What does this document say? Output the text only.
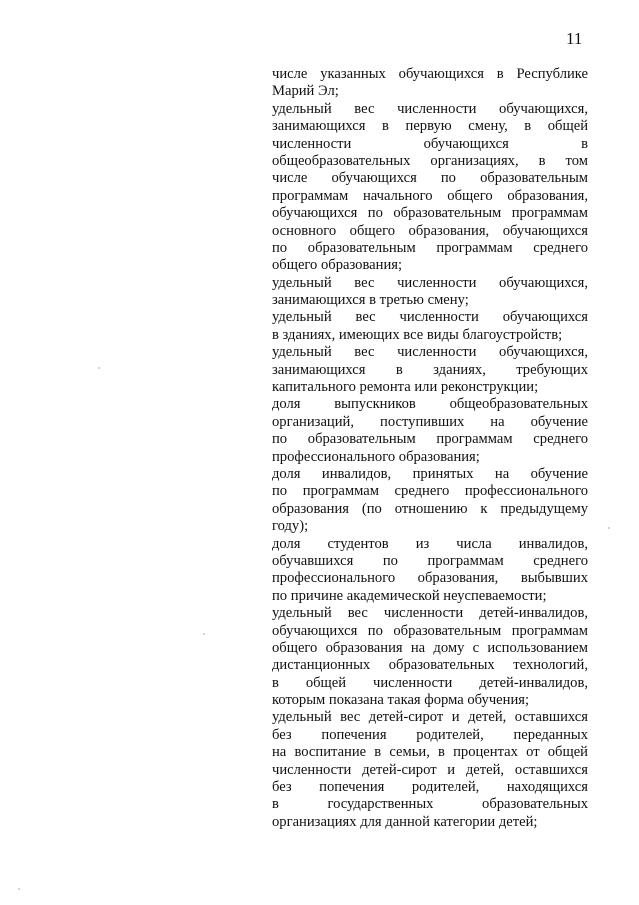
11
числе указанных обучающихся в Республике
Марий Эл;
удельный вес численности обучающихся,
занимающихся в первую смену, в общей
численности обучающихся в
общеобразовательных организациях, в том
числе обучающихся по образовательным
программам начального общего образования,
обучающихся по образовательным программам
основного общего образования, обучающихся
по образовательным программам среднего
общего образования;
удельный вес численности обучающихся,
занимающихся в третью смену;
удельный вес численности обучающихся
в зданиях, имеющих все виды благоустройств;
удельный вес численности обучающихся,
занимающихся в зданиях, требующих
капитального ремонта или реконструкции;
доля выпускников общеобразовательных
организаций, поступивших на обучение
по образовательным программам среднего
профессионального образования;
доля инвалидов, принятых на обучение
по программам среднего профессионального
образования (по отношению к предыдущему
году);
доля студентов из числа инвалидов,
обучавшихся по программам среднего
профессионального образования, выбывших
по причине академической неуспеваемости;
удельный вес численности детей-инвалидов,
обучающихся по образовательным программам
общего образования на дому с использованием
дистанционных образовательных технологий,
в общей численности детей-инвалидов,
которым показана такая форма обучения;
удельный вес детей-сирот и детей, оставшихся
без попечения родителей, переданных
на воспитание в семьи, в процентах от общей
численности детей-сирот и детей, оставшихся
без попечения родителей, находящихся
в государственных образовательных
организациях для данной категории детей;
